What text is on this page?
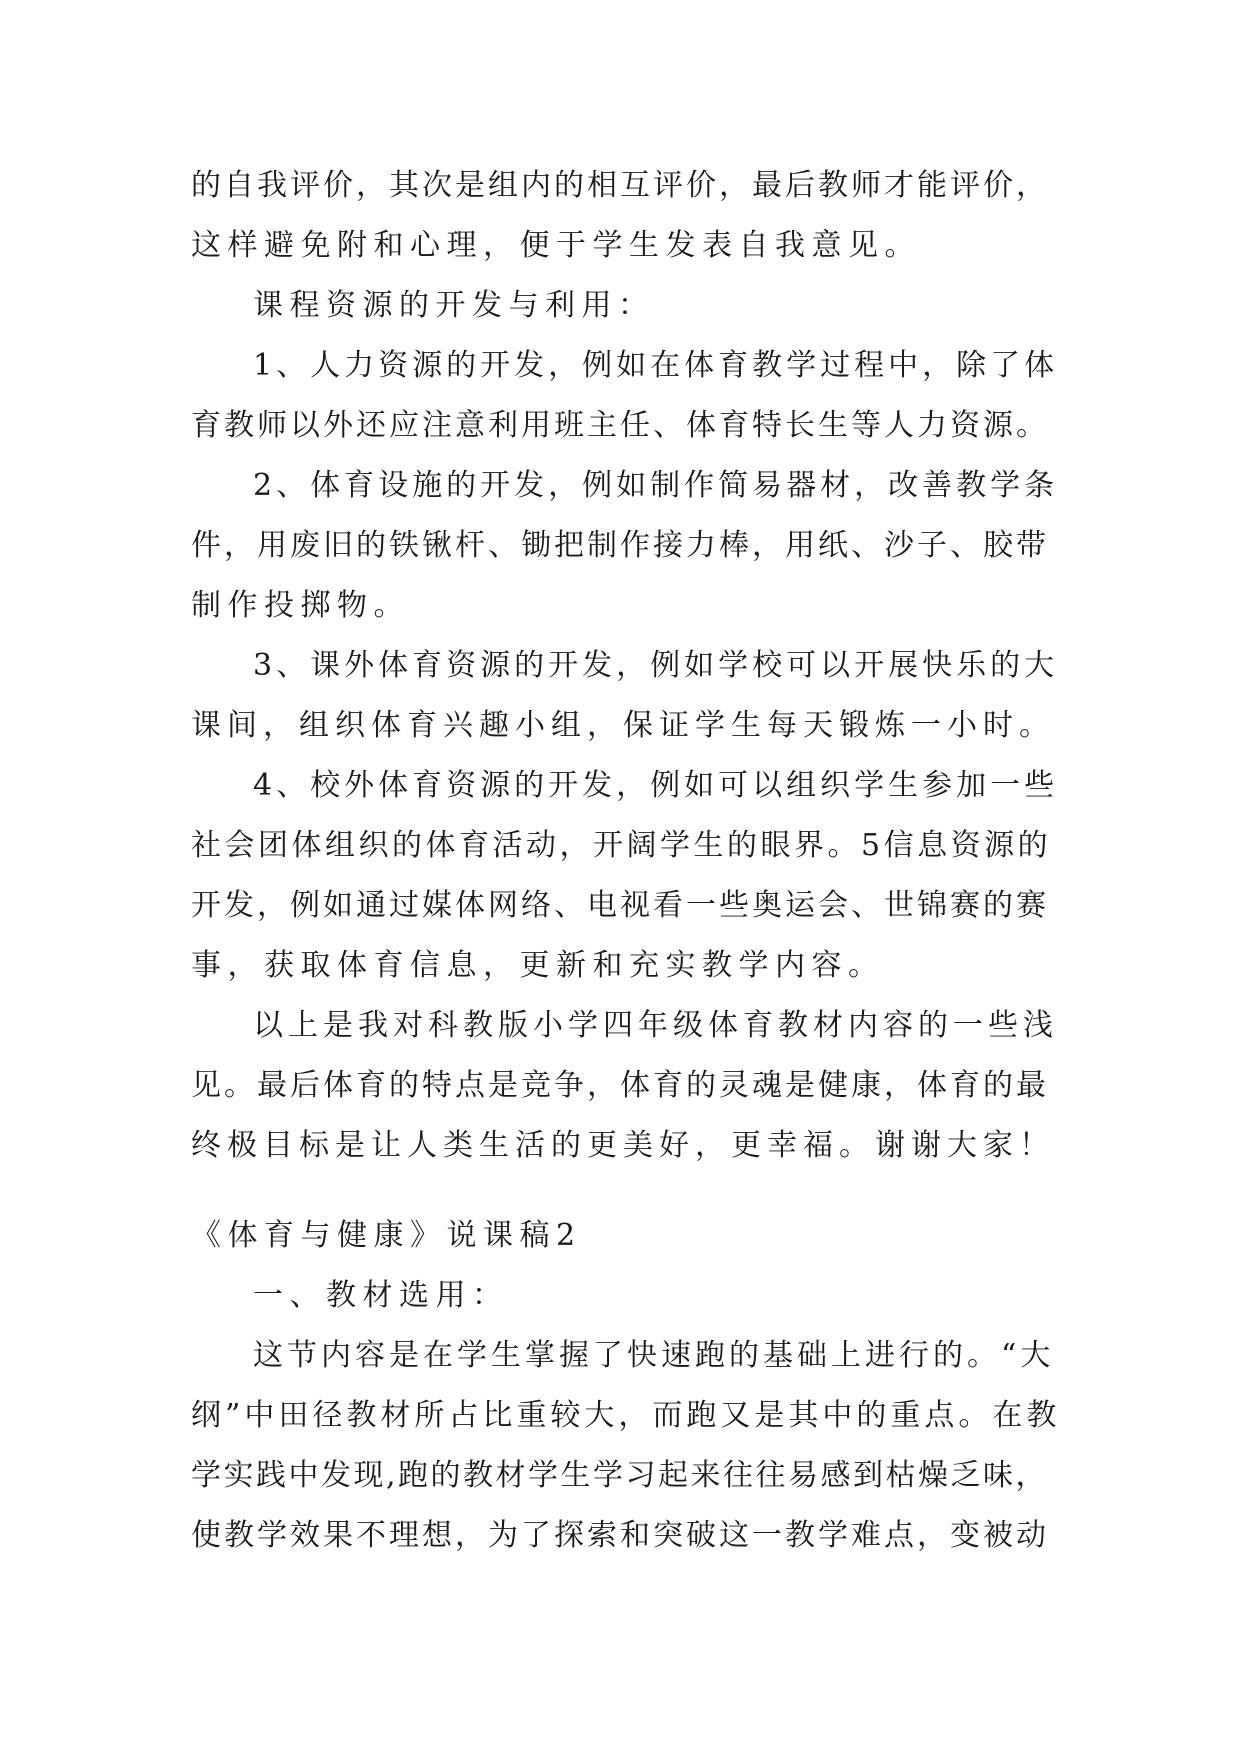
的自我评价，其次是组内的相互评价，最后教师才能评价，

这样避免附和心理，便于学生发表自我意见。

课程资源的开发与利用：

1、人力资源的开发，例如在体育教学过程中，除了体

育教师以外还应注意利用班主任、体育特长生等人力资源。

2、体育设施的开发，例如制作简易器材，改善教学条

件，用废旧的铁锹杆、锄把制作接力棒，用纸、沙子、胶带

制作投掷物。

3、课外体育资源的开发，例如学校可以开展快乐的大

课间，组织体育兴趣小组，保证学生每天锻炼一小时。

4、校外体育资源的开发，例如可以组织学生参加一些

社会团体组织的体育活动，开阔学生的眼界。5信息资源的

开发，例如通过媒体网络、电视看一些奥运会、世锦赛的赛

事，获取体育信息，更新和充实教学内容。

以上是我对科教版小学四年级体育教材内容的一些浅

见。最后体育的特点是竞争，体育的灵魂是健康，体育的最

终极目标是让人类生活的更美好，更幸福。谢谢大家！

《体育与健康》说课稿2

一、教材选用：

这节内容是在学生掌握了快速跑的基础上进行的。“大

纲”中田径教材所占比重较大，而跑又是其中的重点。在教

学实践中发现,跑的教材学生学习起来往往易感到枯燥乏味，

使教学效果不理想，为了探索和突破这一教学难点，变被动
